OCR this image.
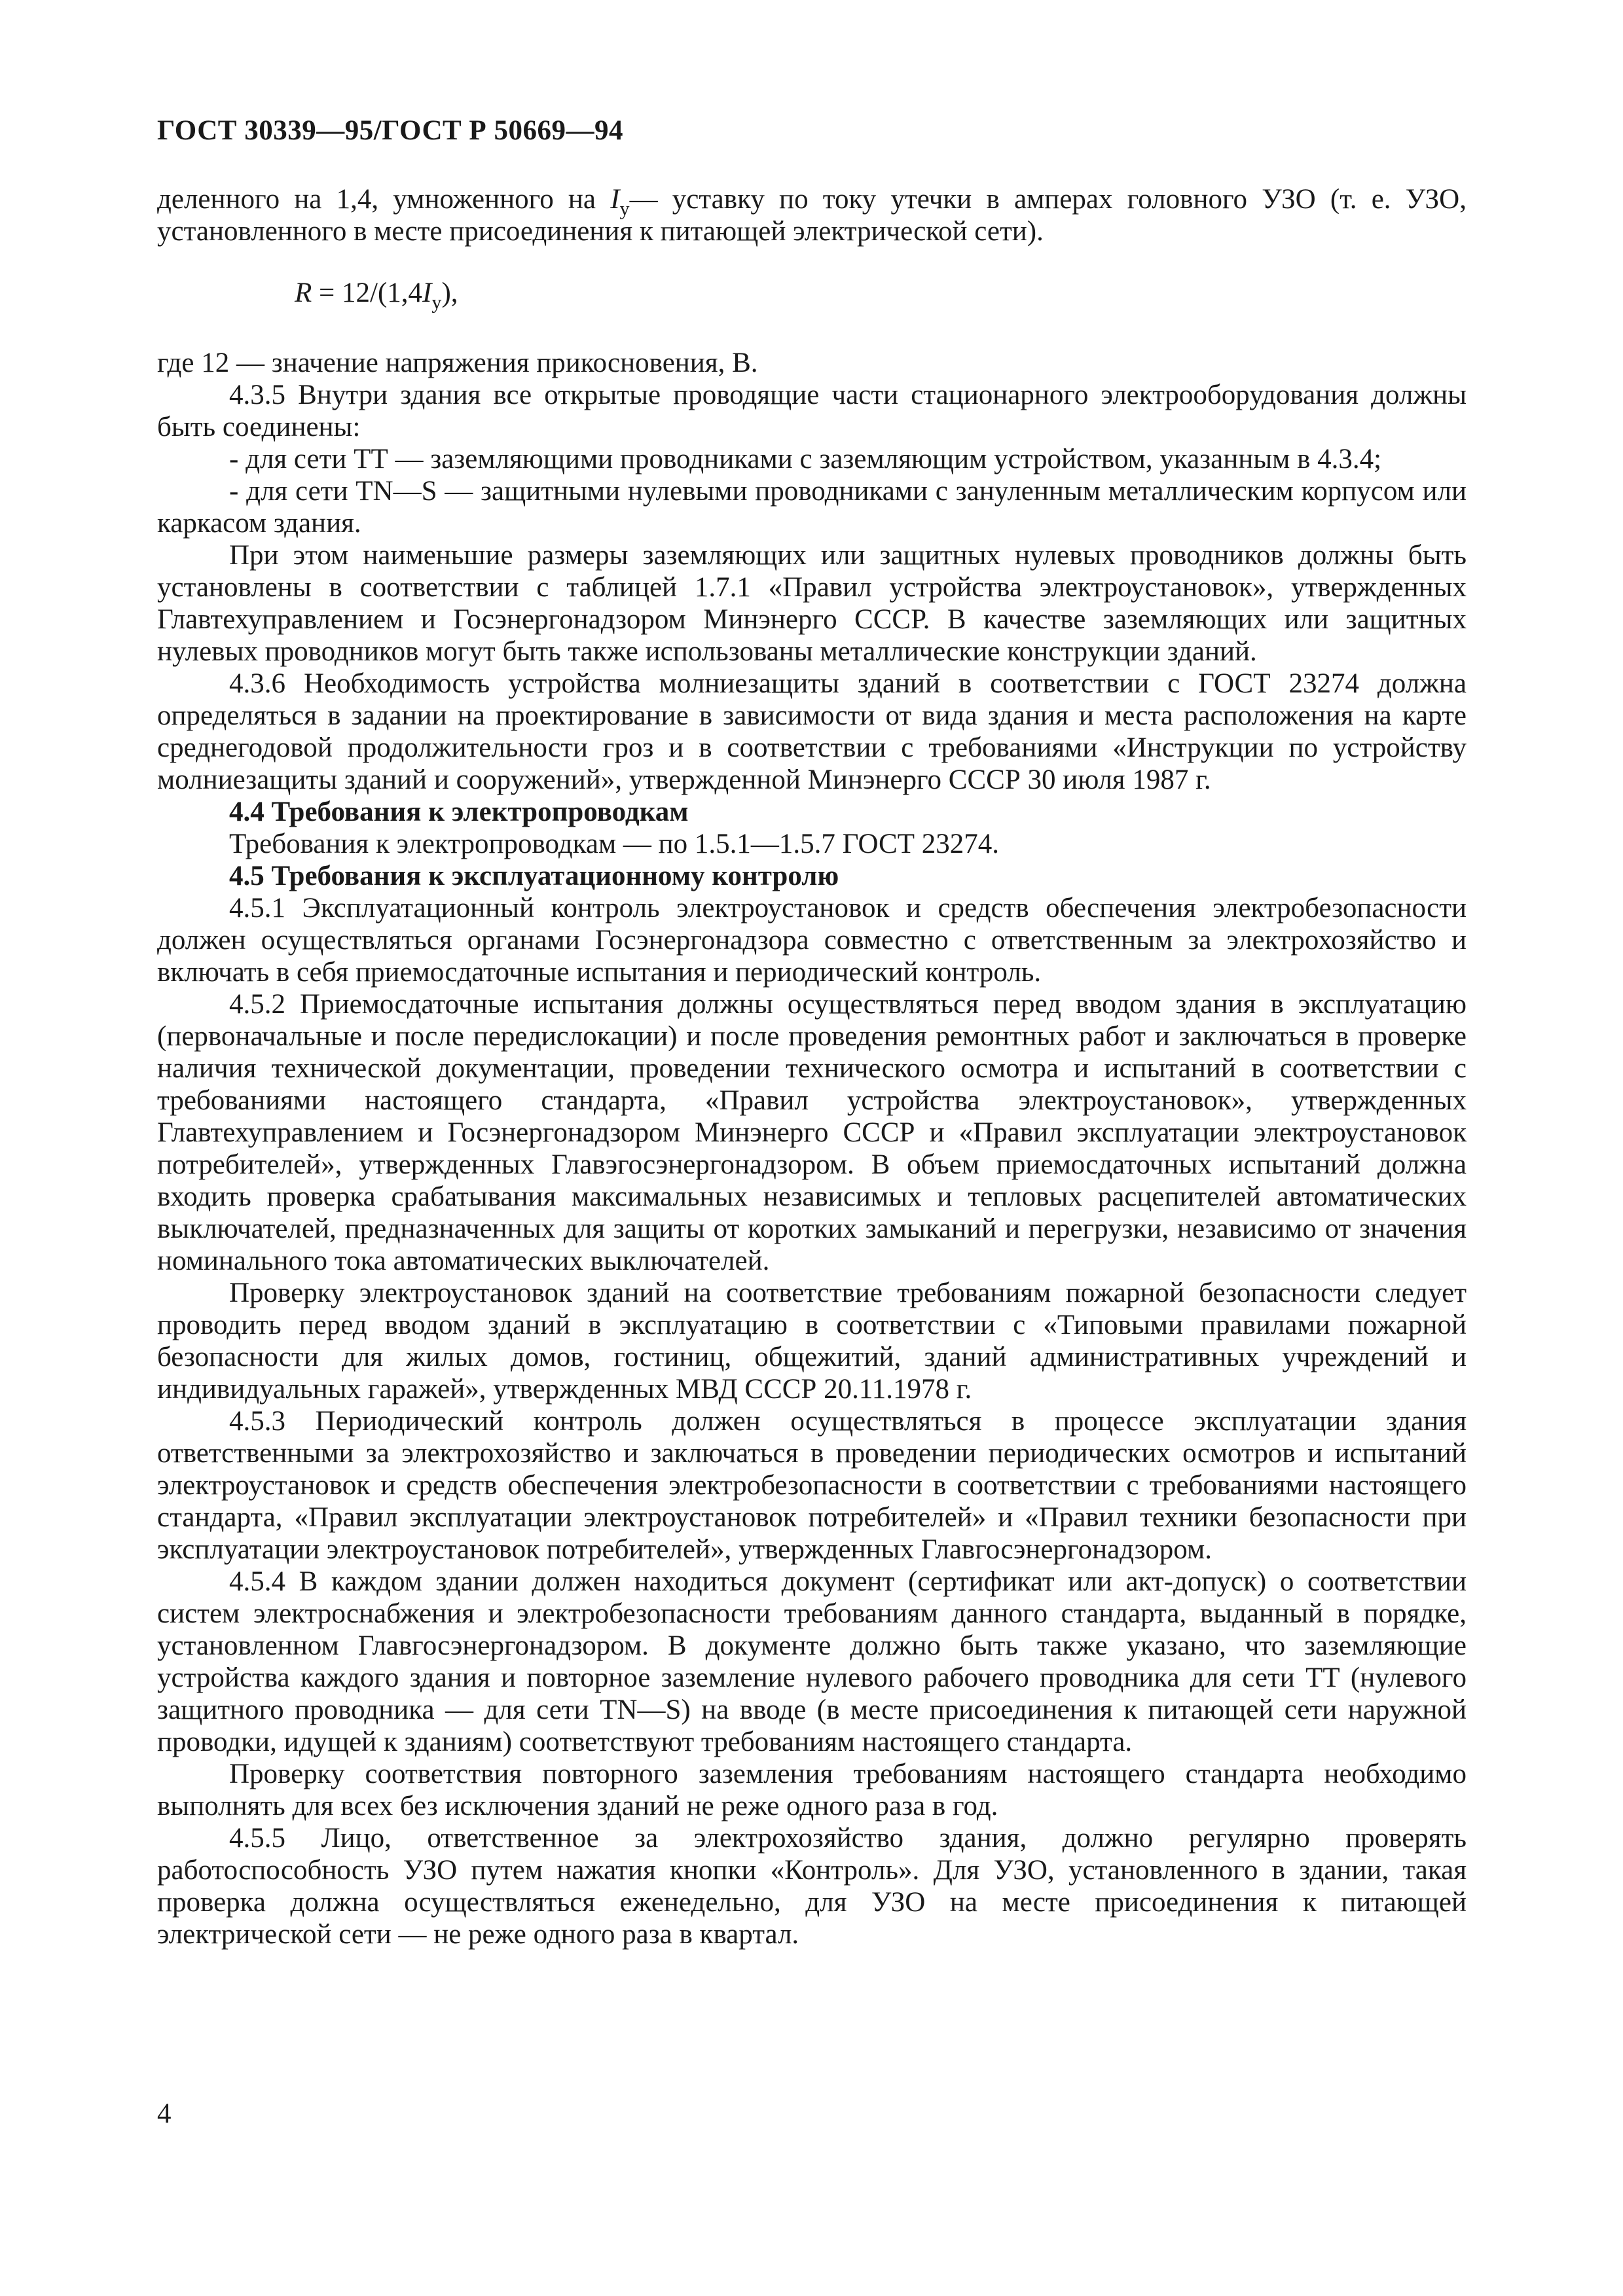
ГОСТ 30339—95/ГОСТ Р 50669—94

деленного на 1,4, умноженного на $I_у—$ уставку по току утечки в амперах головного УЗО (т. е. УЗО, установленного в месте присоединения к питающей электрической сети).

$R = 12/(1,4I_у)$,

где 12 — значение напряжения прикосновения, В.

4.3.5 Внутри здания все открытые проводящие части стационарного электрооборудования должны быть соединены:

- для сети ТТ — заземляющими проводниками с заземляющим устройством, указанным в 4.3.4;

- для сети TN—S — защитными нулевыми проводниками с зануленным металлическим корпусом или каркасом здания.

При этом наименьшие размеры заземляющих или защитных нулевых проводников должны быть установлены в соответствии с таблицей 1.7.1 «Правил устройства электроустановок», утвержденных Главтехуправлением и Госэнергонадзором Минэнерго СССР. В качестве заземляющих или защитных нулевых проводников могут быть также использованы металлические конструкции зданий.

4.3.6 Необходимость устройства молниезащиты зданий в соответствии с ГОСТ 23274 должна определяться в задании на проектирование в зависимости от вида здания и места расположения на карте среднегодовой продолжительности гроз и в соответствии с требованиями «Инструкции по устройству молниезащиты зданий и сооружений», утвержденной Минэнерго СССР 30 июля 1987 г.

4.4 Требования к электропроводкам

Требования к электропроводкам — по 1.5.1—1.5.7 ГОСТ 23274.

4.5 Требования к эксплуатационному контролю

4.5.1 Эксплуатационный контроль электроустановок и средств обеспечения электробезопасности должен осуществляться органами Госэнергонадзора совместно с ответственным за электрохозяйство и включать в себя приемосдаточные испытания и периодический контроль.

4.5.2 Приемосдаточные испытания должны осуществляться перед вводом здания в эксплуатацию (первоначальные и после передислокации) и после проведения ремонтных работ и заключаться в проверке наличия технической документации, проведении технического осмотра и испытаний в соответствии с требованиями настоящего стандарта, «Правил устройства электроустановок», утвержденных Главтехуправлением и Госэнергонадзором Минэнерго СССР и «Правил эксплуатации электроустановок потребителей», утвержденных Главэгосэнергонадзором. В объем приемосдаточных испытаний должна входить проверка срабатывания максимальных независимых и тепловых расцепителей автоматических выключателей, предназначенных для защиты от коротких замыканий и перегрузки, независимо от значения номинального тока автоматических выключателей.

Проверку электроустановок зданий на соответствие требованиям пожарной безопасности следует проводить перед вводом зданий в эксплуатацию в соответствии с «Типовыми правилами пожарной безопасности для жилых домов, гостиниц, общежитий, зданий административных учреждений и индивидуальных гаражей», утвержденных МВД СССР 20.11.1978 г.

4.5.3 Периодический контроль должен осуществляться в процессе эксплуатации здания ответственными за электрохозяйство и заключаться в проведении периодических осмотров и испытаний электроустановок и средств обеспечения электробезопасности в соответствии с требованиями настоящего стандарта, «Правил эксплуатации электроустановок потребителей» и «Правил техники безопасности при эксплуатации электроустановок потребителей», утвержденных Главгосэнергонадзором.

4.5.4 В каждом здании должен находиться документ (сертификат или акт-допуск) о соответствии систем электроснабжения и электробезопасности требованиям данного стандарта, выданный в порядке, установленном Главгосэнергонадзором. В документе должно быть также указано, что заземляющие устройства каждого здания и повторное заземление нулевого рабочего проводника для сети ТТ (нулевого защитного проводника — для сети TN—S) на вводе (в месте присоединения к питающей сети наружной проводки, идущей к зданиям) соответствуют требованиям настоящего стандарта.

Проверку соответствия повторного заземления требованиям настоящего стандарта необходимо выполнять для всех без исключения зданий не реже одного раза в год.

4.5.5 Лицо, ответственное за электрохозяйство здания, должно регулярно проверять работоспособность УЗО путем нажатия кнопки «Контроль». Для УЗО, установленного в здании, такая проверка должна осуществляться еженедельно, для УЗО на месте присоединения к питающей электрической сети — не реже одного раза в квартал.

4
